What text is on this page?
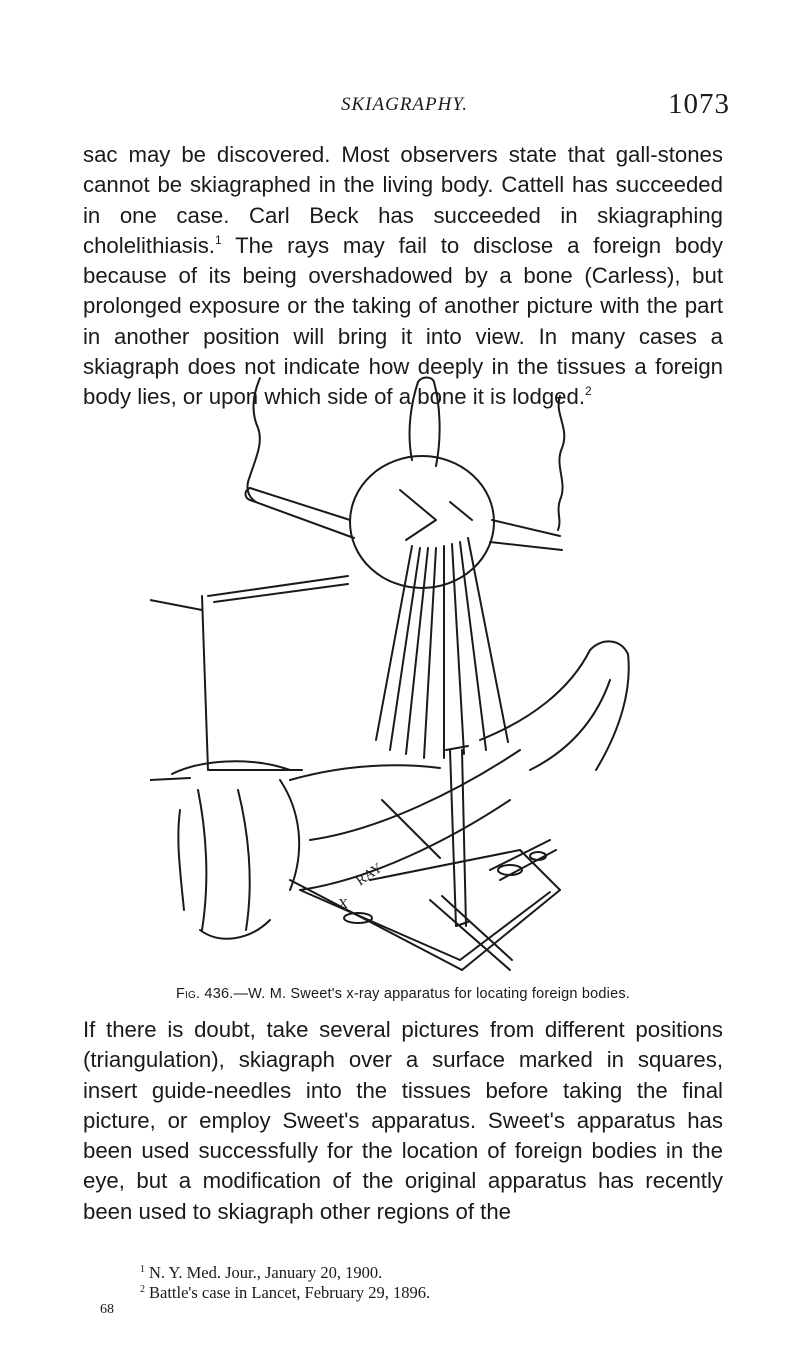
SKIAGRAPHY.	1073

sac may be discovered. Most observers state that gall-stones cannot be skiagraphed in the living body. Cattell has succeeded in one case. Carl Beck has succeeded in skiagraphing cholelithiasis.$^1$ The rays may fail to disclose a foreign body because of its being overshadowed by a bone (Carless), but prolonged exposure or the taking of another picture with the part in another position will bring it into view. In many cases a skiagraph does not indicate how deeply in the tissues a foreign body lies, or upon which side of a bone it is lodged.$^2$

RAY
X
Fig. 436.—W. M. Sweet's x-ray apparatus for locating foreign bodies.

If there is doubt, take several pictures from different positions (triangulation), skiagraph over a surface marked in squares, insert guide-needles into the tissues before taking the final picture, or employ Sweet's apparatus. Sweet's apparatus has been used successfully for the location of foreign bodies in the eye, but a modification of the original apparatus has recently been used to skiagraph other regions of the

$^1$ N. Y. Med. Jour., January 20, 1900.
$^2$ Battle's case in Lancet, February 29, 1896.
68
